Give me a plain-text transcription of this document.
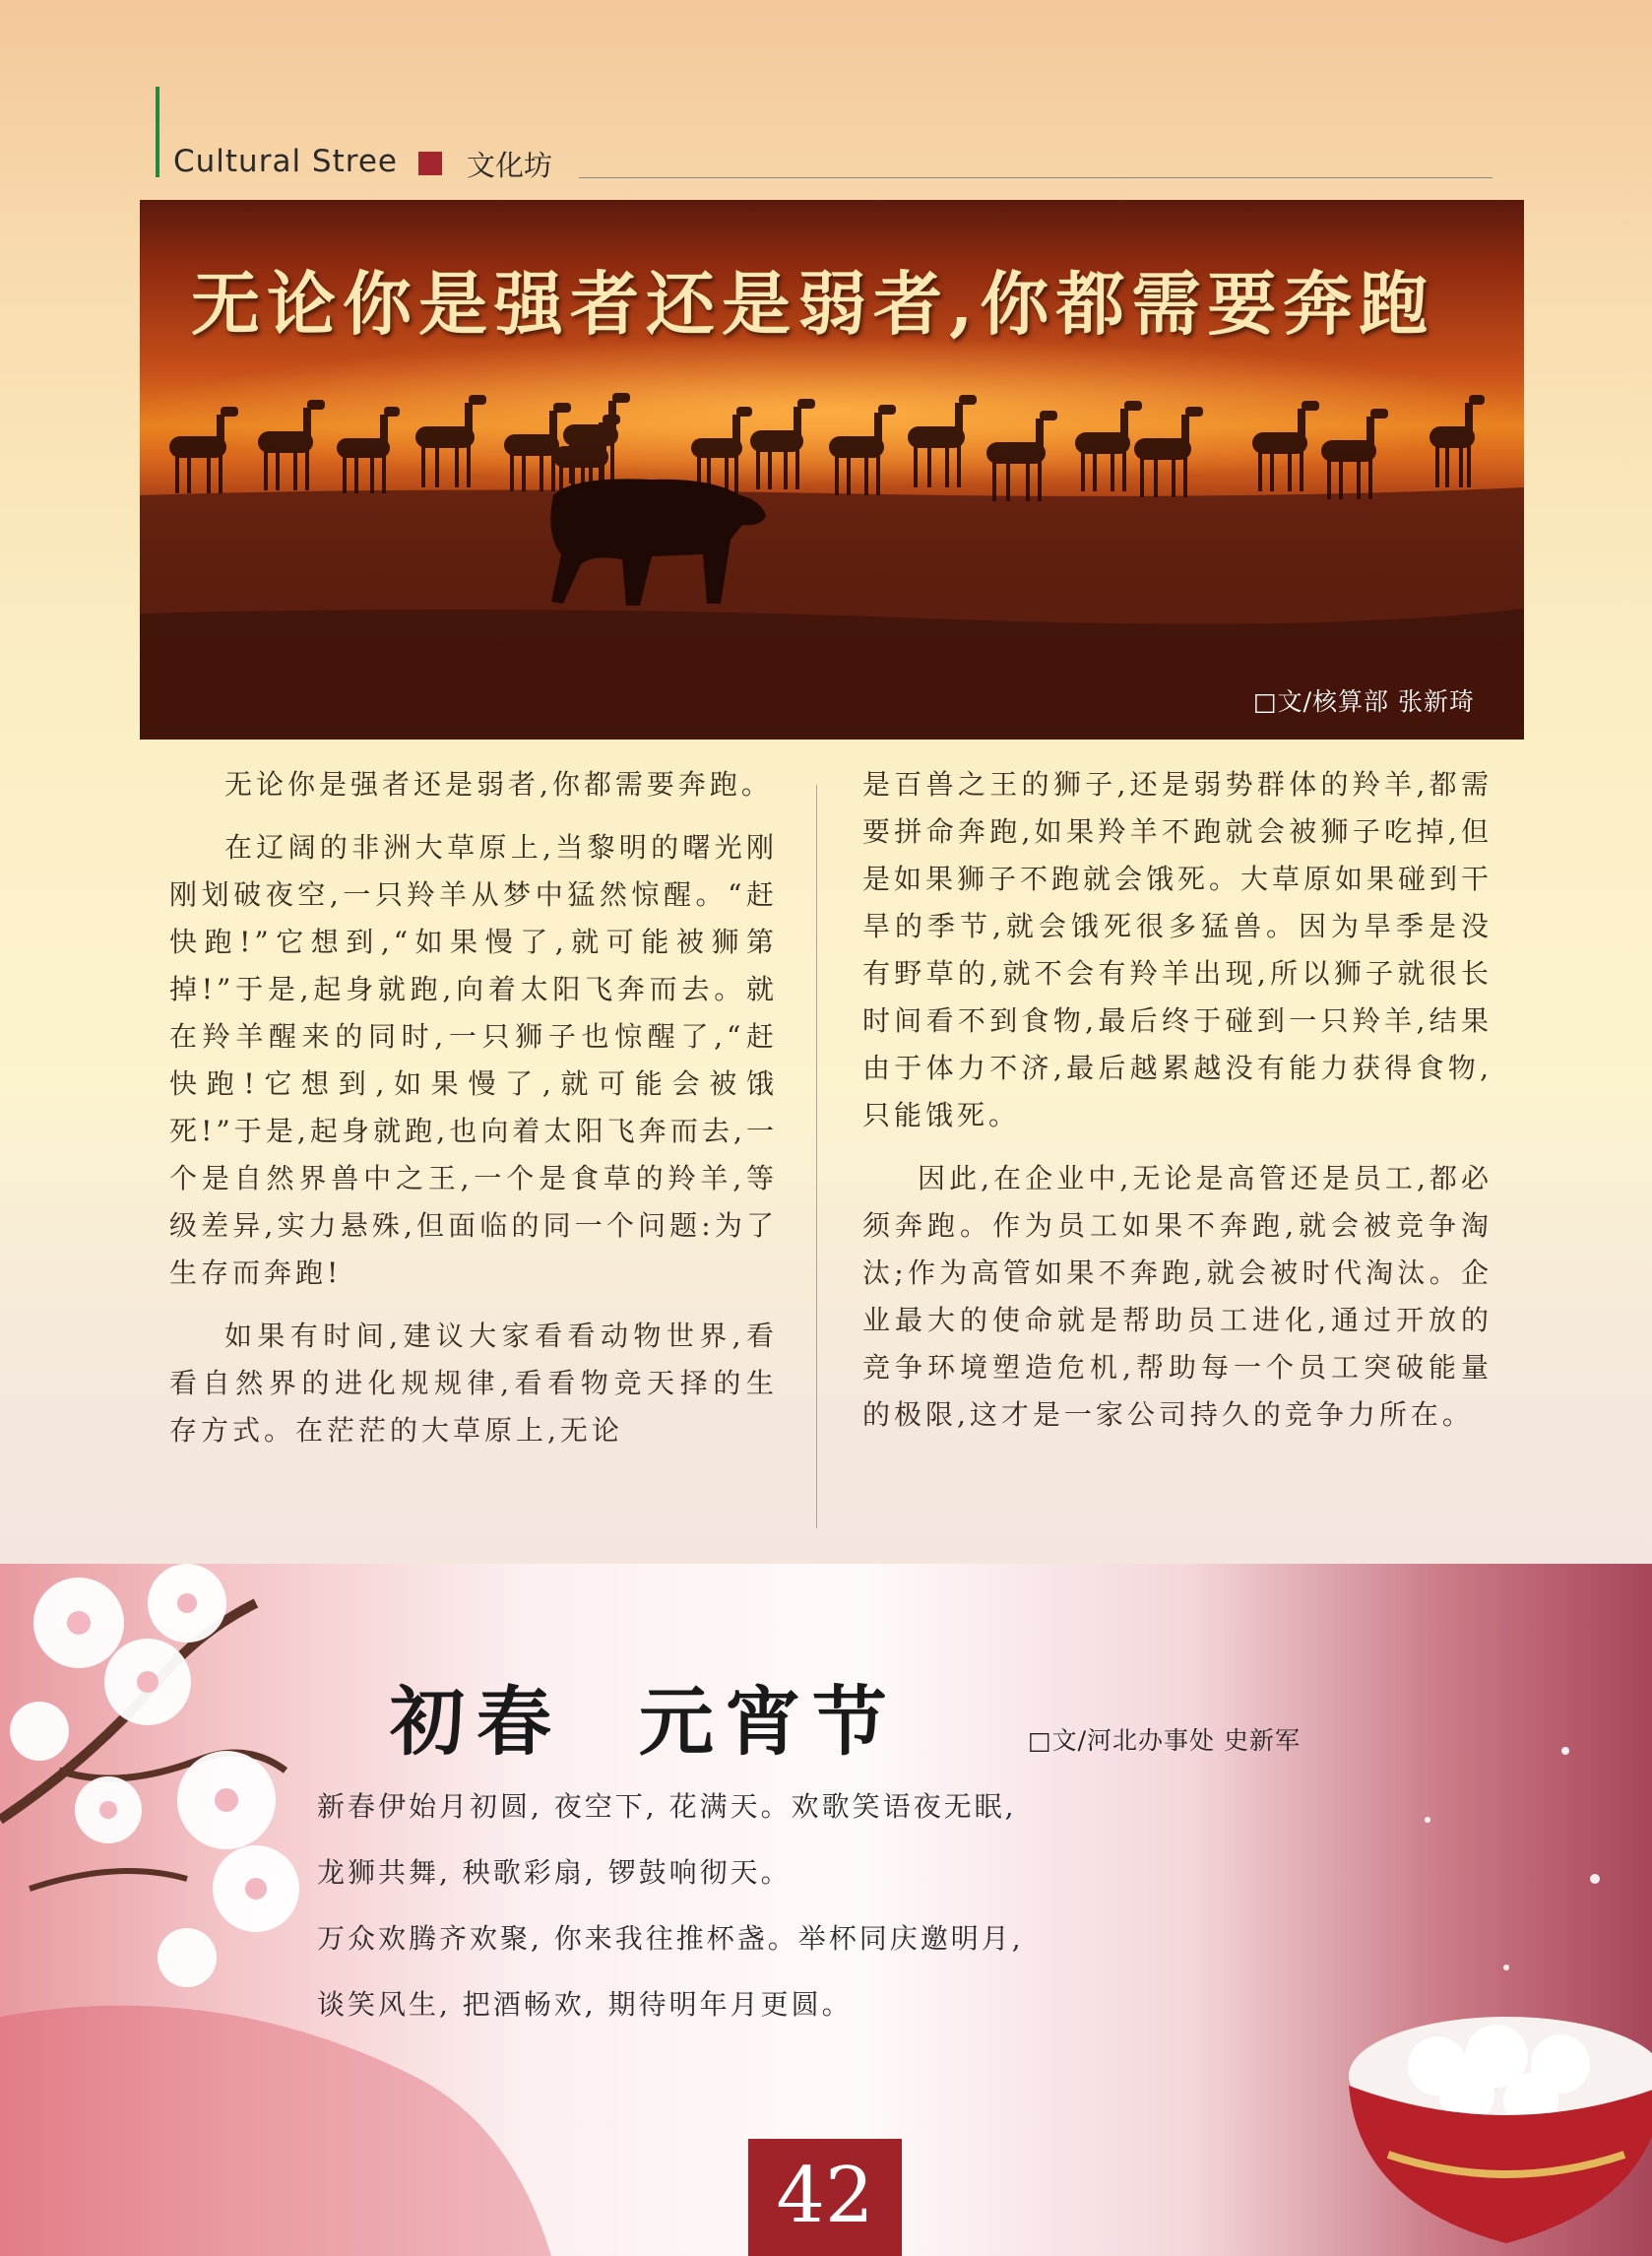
Cultural Stree 文化坊
无论你是强者还是弱者,你都需要奔跑
□文/核算部 张新琦

无论你是强者还是弱者,你都需要奔跑。

在辽阔的非洲大草原上,当黎明的曙光刚刚划破夜空,一只羚羊从梦中猛然惊醒。“赶快跑!”它想到,“如果慢了,就可能被狮第掉!”于是,起身就跑,向着太阳飞奔而去。就在羚羊醒来的同时,一只狮子也惊醒了,“赶快跑!它想到,如果慢了,就可能会被饿死!”于是,起身就跑,也向着太阳飞奔而去,一个是自然界兽中之王,一个是食草的羚羊,等级差异,实力悬殊,但面临的同一个问题:为了生存而奔跑!

如果有时间,建议大家看看动物世界,看看自然界的进化规规律,看看物竞天择的生存方式。在茫茫的大草原上,无论

是百兽之王的狮子,还是弱势群体的羚羊,都需要拼命奔跑,如果羚羊不跑就会被狮子吃掉,但是如果狮子不跑就会饿死。大草原如果碰到干旱的季节,就会饿死很多猛兽。因为旱季是没有野草的,就不会有羚羊出现,所以狮子就很长时间看不到食物,最后终于碰到一只羚羊,结果由于体力不济,最后越累越没有能力获得食物,只能饿死。

因此,在企业中,无论是高管还是员工,都必须奔跑。作为员工如果不奔跑,就会被竞争淘汰;作为高管如果不奔跑,就会被时代淘汰。企业最大的使命就是帮助员工进化,通过开放的竞争环境塑造危机,帮助每一个员工突破能量的极限,这才是一家公司持久的竞争力所在。

初春  元宵节	□文/河北办事处 史新军
新春伊始月初圆, 夜空下, 花满天。欢歌笑语夜无眠,
龙狮共舞, 秧歌彩扇, 锣鼓响彻天。
万众欢腾齐欢聚, 你来我往推杯盏。举杯同庆邀明月,
谈笑风生, 把酒畅欢, 期待明年月更圆。
42
